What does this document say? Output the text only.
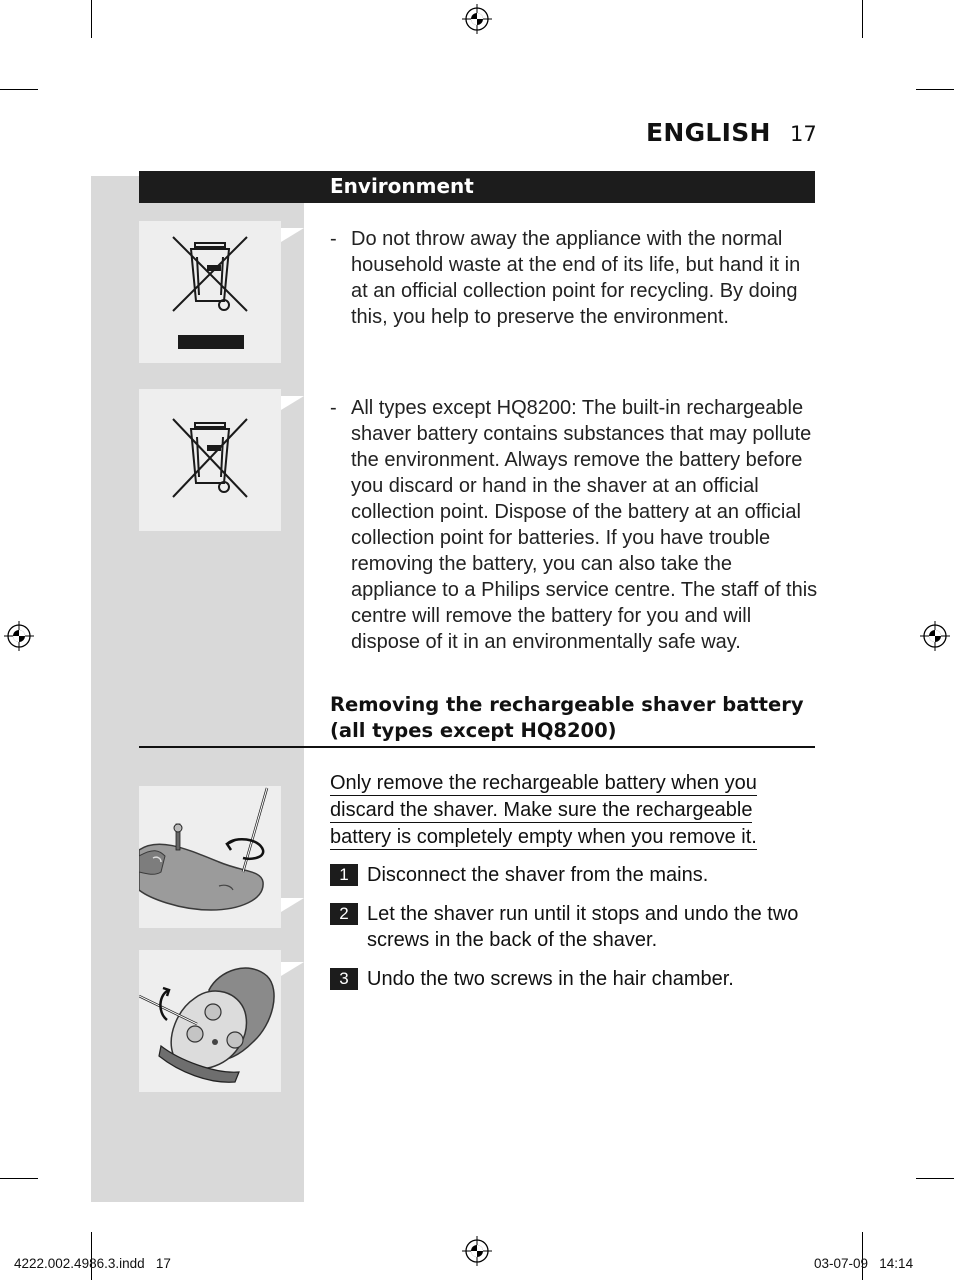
ENGLISH 17
Environment
- Do not throw away the appliance with the normal household waste at the end of its life, but hand it in at an official collection point for recycling. By doing this, you help to preserve the environment.
- All types except HQ8200: The built-in rechargeable shaver battery contains substances that may pollute the environment. Always remove the battery before you discard or hand in the shaver at an official collection point. Dispose of the battery at an official collection point for batteries. If you have trouble removing the battery, you can also take the appliance to a Philips service centre. The staff of this centre will remove the battery for you and will dispose of it in an environmentally safe way.
Removing the rechargeable shaver battery
(all types except HQ8200)
Only remove the rechargeable battery when you
discard the shaver. Make sure the rechargeable
battery is completely empty when you remove it.
1 Disconnect the shaver from the mains.
2 Let the shaver run until it stops and undo the two screws in the back of the shaver.
3 Undo the two screws in the hair chamber.
4222.002.4986.3.indd   17	03-07-09   14:14
